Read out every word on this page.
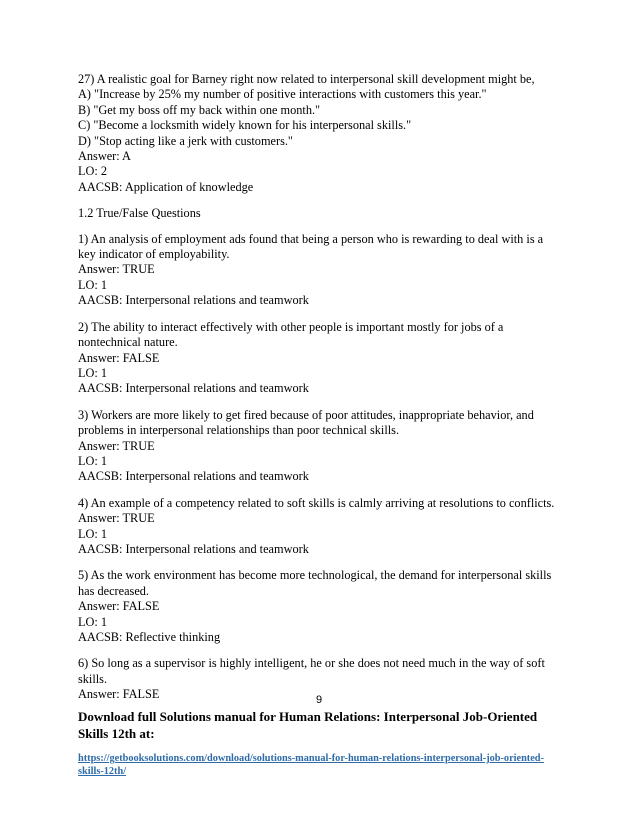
27) A realistic goal for Barney right now related to interpersonal skill development might be,

A) "Increase by 25% my number of positive interactions with customers this year."

B) "Get my boss off my back within one month."

C) "Become a locksmith widely known for his interpersonal skills."

D) "Stop acting like a jerk with customers."

Answer: A

LO: 2

AACSB: Application of knowledge

1.2 True/False Questions

1) An analysis of employment ads found that being a person who is rewarding to deal with is a

key indicator of employability.

Answer: TRUE

LO: 1

AACSB: Interpersonal relations and teamwork

2) The ability to interact effectively with other people is important mostly for jobs of a

nontechnical nature.

Answer: FALSE

LO: 1

AACSB: Interpersonal relations and teamwork

3) Workers are more likely to get fired because of poor attitudes, inappropriate behavior, and

problems in interpersonal relationships than poor technical skills.

Answer: TRUE

LO: 1

AACSB: Interpersonal relations and teamwork

4) An example of a competency related to soft skills is calmly arriving at resolutions to conflicts.

Answer: TRUE

LO: 1

AACSB: Interpersonal relations and teamwork

5) As the work environment has become more technological, the demand for interpersonal skills

has decreased.

Answer: FALSE

LO: 1

AACSB: Reflective thinking

6) So long as a supervisor is highly intelligent, he or she does not need much in the way of soft

skills.

Answer: FALSE	9

Download full Solutions manual for Human Relations: Interpersonal Job-Oriented Skills 12th at:

https://getbooksolutions.com/download/solutions-manual-for-human-relations-interpersonal-job-oriented-skills-12th/
